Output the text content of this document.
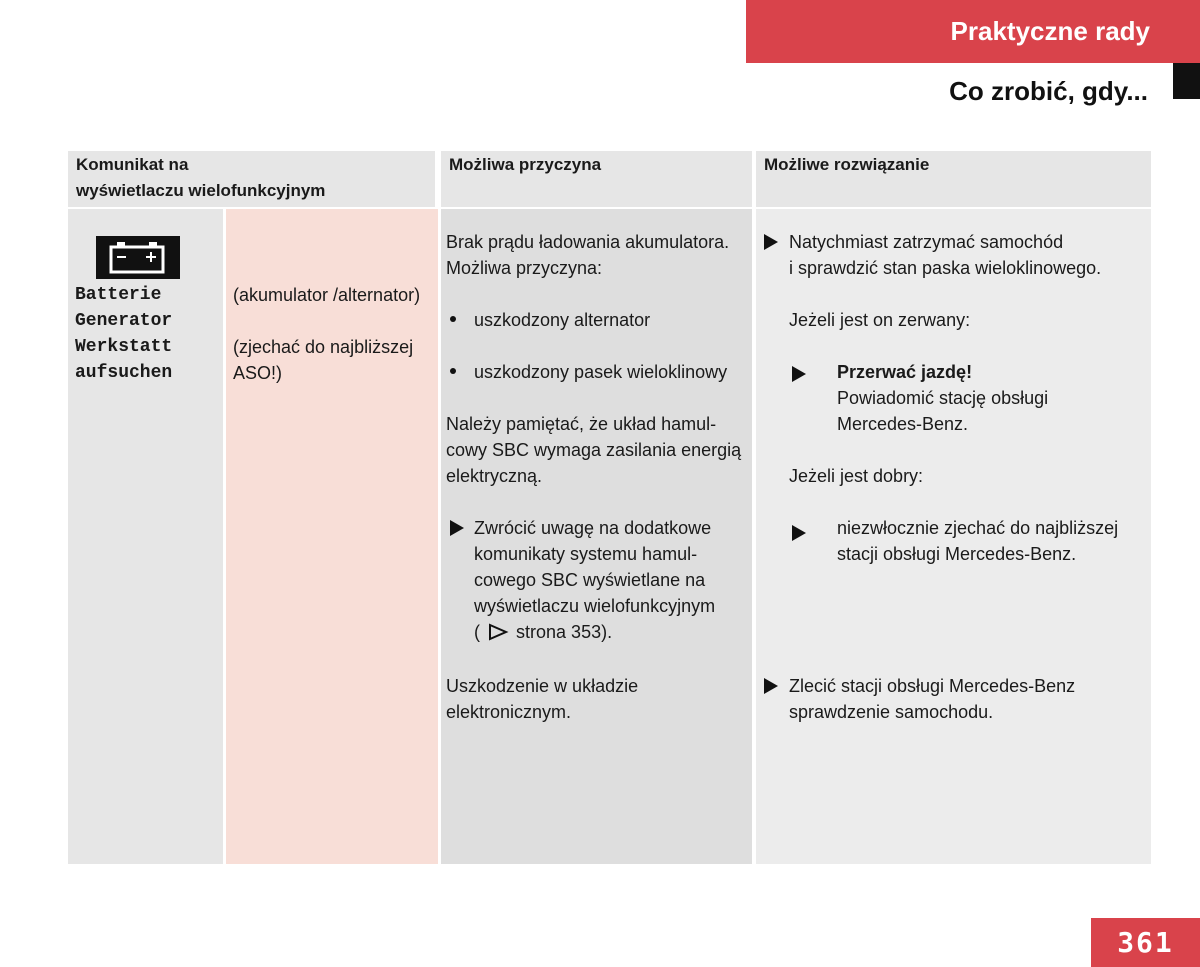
Praktyczne rady
Co zrobić, gdy...
Komunikat na
wyświetlaczu wielofunkcyjnym
Możliwa przyczyna	Możliwe rozwiązanie
Batterie
Generator
Werkstatt
aufsuchen
(akumulator /alternator)
(zjechać do najbliższej
ASO!)
Brak prądu ładowania akumulatora.
Możliwa przyczyna:
uszkodzony alternator
uszkodzony pasek wieloklinowy
Należy pamiętać, że układ hamul-
cowy SBC wymaga zasilania energią
elektryczną.
Zwrócić uwagę na dodatkowe
komunikaty systemu hamul-
cowego SBC wyświetlane na
wyświetlaczu wielofunkcyjnym
( strona 353).
Uszkodzenie w układzie
elektronicznym.
Natychmiast zatrzymać samochód
i sprawdzić stan paska wieloklinowego.
Jeżeli jest on zerwany:
Przerwać jazdę!
Powiadomić stację obsługi
Mercedes-Benz.
Jeżeli jest dobry:
niezwłocznie zjechać do najbliższej
stacji obsługi Mercedes-Benz.
Zlecić stacji obsługi Mercedes-Benz
sprawdzenie samochodu.
361
